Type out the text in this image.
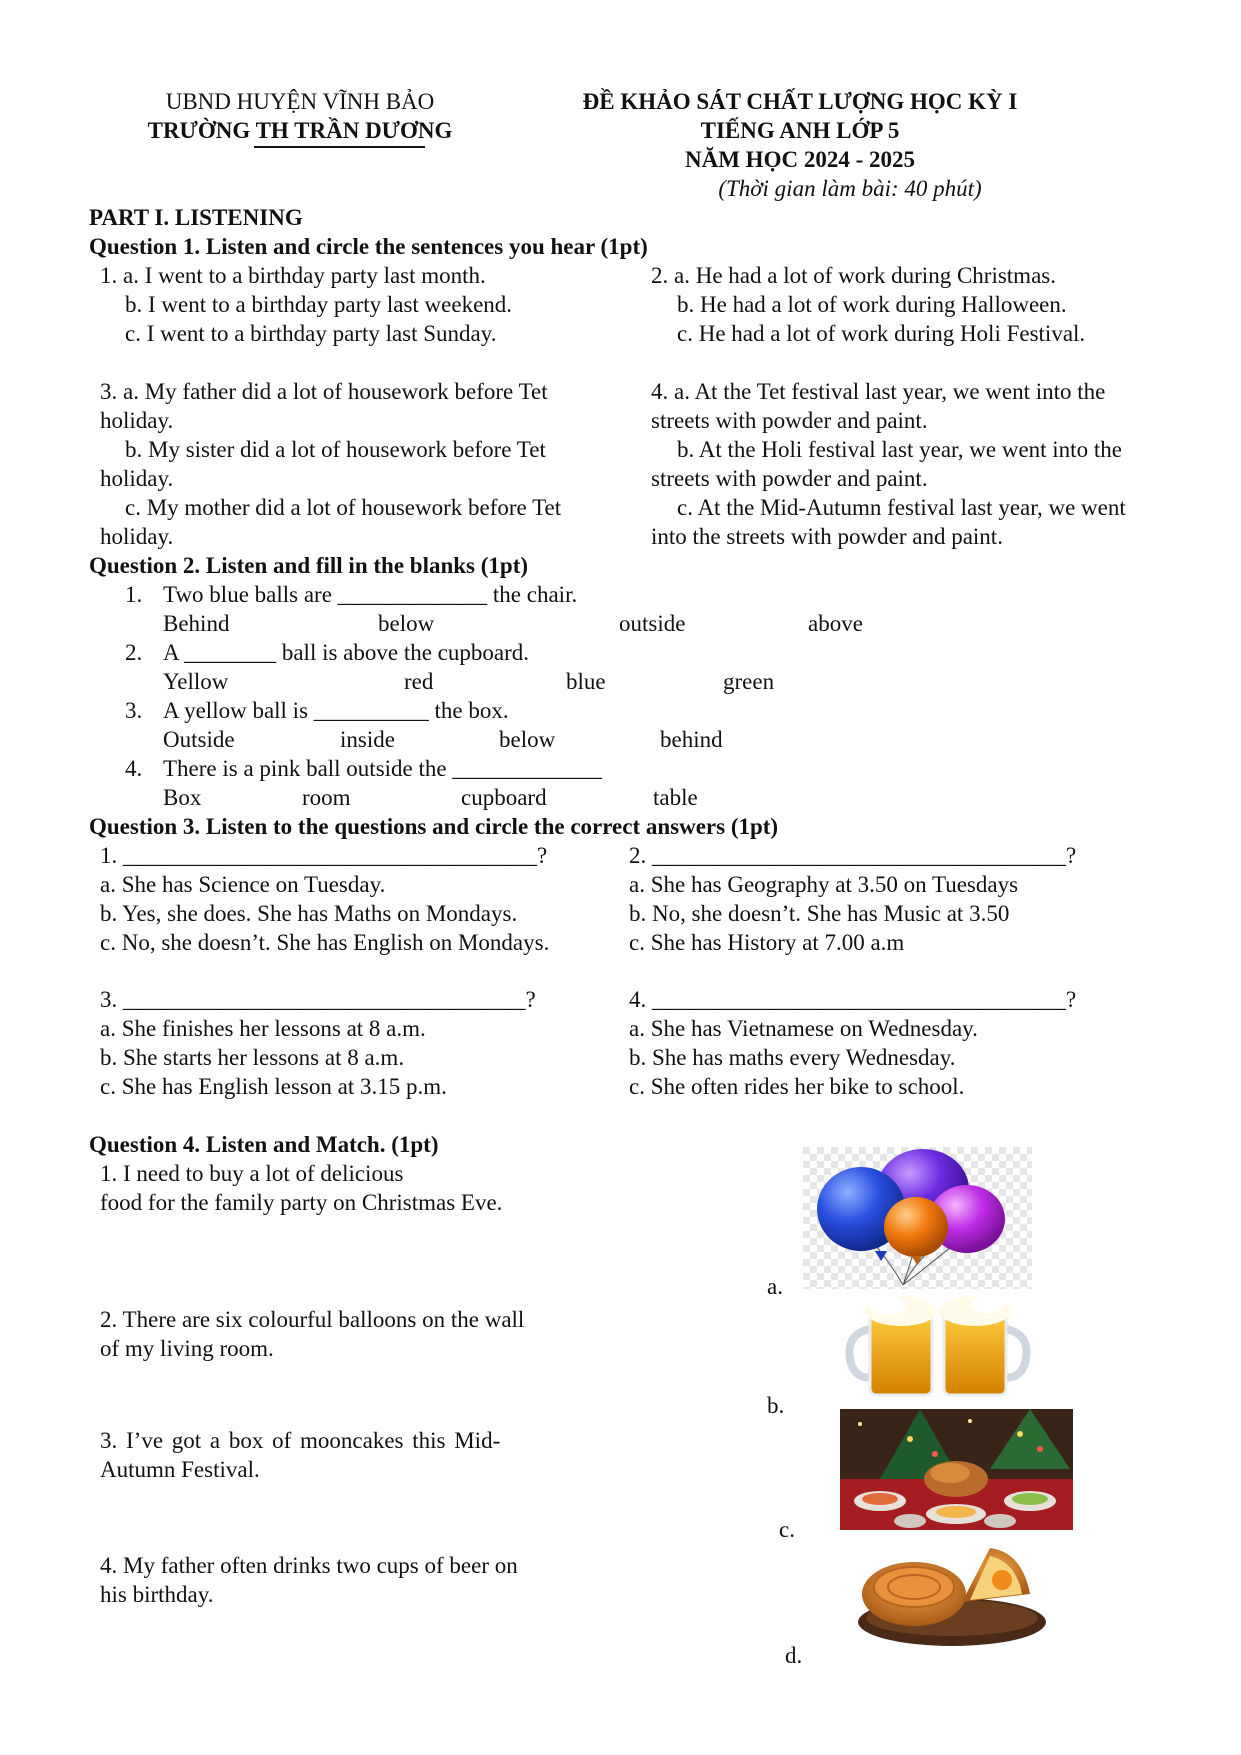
UBND HUYỆN VĨNH BẢO
TRƯỜNG TH TRẦN DƯƠNG
ĐỀ KHẢO SÁT CHẤT LƯỢNG HỌC KỲ I
TIẾNG ANH LỚP 5
NĂM HỌC 2024 - 2025
(Thời gian làm bài: 40 phút)
PART I. LISTENING
Question 1. Listen and circle the sentences you hear (1pt)
1. a. I went to a birthday party last month.
b. I went to a birthday party last weekend.
c. I went to a birthday party last Sunday.
2. a. He had a lot of work during Christmas.
b. He had a lot of work during Halloween.
c. He had a lot of work during Holi Festival.
3. a. My father did a lot of housework before Tet
holiday.
b. My sister did a lot of housework before Tet
holiday.
c. My mother did a lot of housework before Tet
holiday.
4. a. At the Tet festival last year, we went into the
streets with powder and paint.
b. At the Holi festival last year, we went into the
streets with powder and paint.
c. At the Mid-Autumn festival last year, we went
into the streets with powder and paint.
Question 2. Listen and fill in the blanks (1pt)
1. Two blue balls are _____________ the chair.
Behind	below	outside	above
2. A ________ ball is above the cupboard.
Yellow	red	blue	green
3. A yellow ball is __________ the box.
Outside	inside	below	behind
4. There is a pink ball outside the _____________
Box	room	cupboard	table
Question 3. Listen to the questions and circle the correct answers (1pt)
1. ____________________________________?
a. She has Science on Tuesday.
b. Yes, she does. She has Maths on Mondays.
c. No, she doesn’t. She has English on Mondays.
2. ____________________________________?
a. She has Geography at 3.50 on Tuesdays
b. No, she doesn’t. She has Music at 3.50
c. She has History at 7.00 a.m
3. ___________________________________?
a. She finishes her lessons at 8 a.m.
b. She starts her lessons at 8 a.m.
c. She has English lesson at 3.15 p.m.
4. ____________________________________?
a. She has Vietnamese on Wednesday.
b. She has maths every Wednesday.
c. She often rides her bike to school.
Question 4. Listen and Match. (1pt)
1. I need to buy a lot of delicious
food for the family party on Christmas Eve.
2. There are six colourful balloons on the wall
of my living room.
3. I’ve got a box of mooncakes this Mid-
Autumn Festival.
4. My father often drinks two cups of beer on
his birthday.
a.
b.
c.
d.
